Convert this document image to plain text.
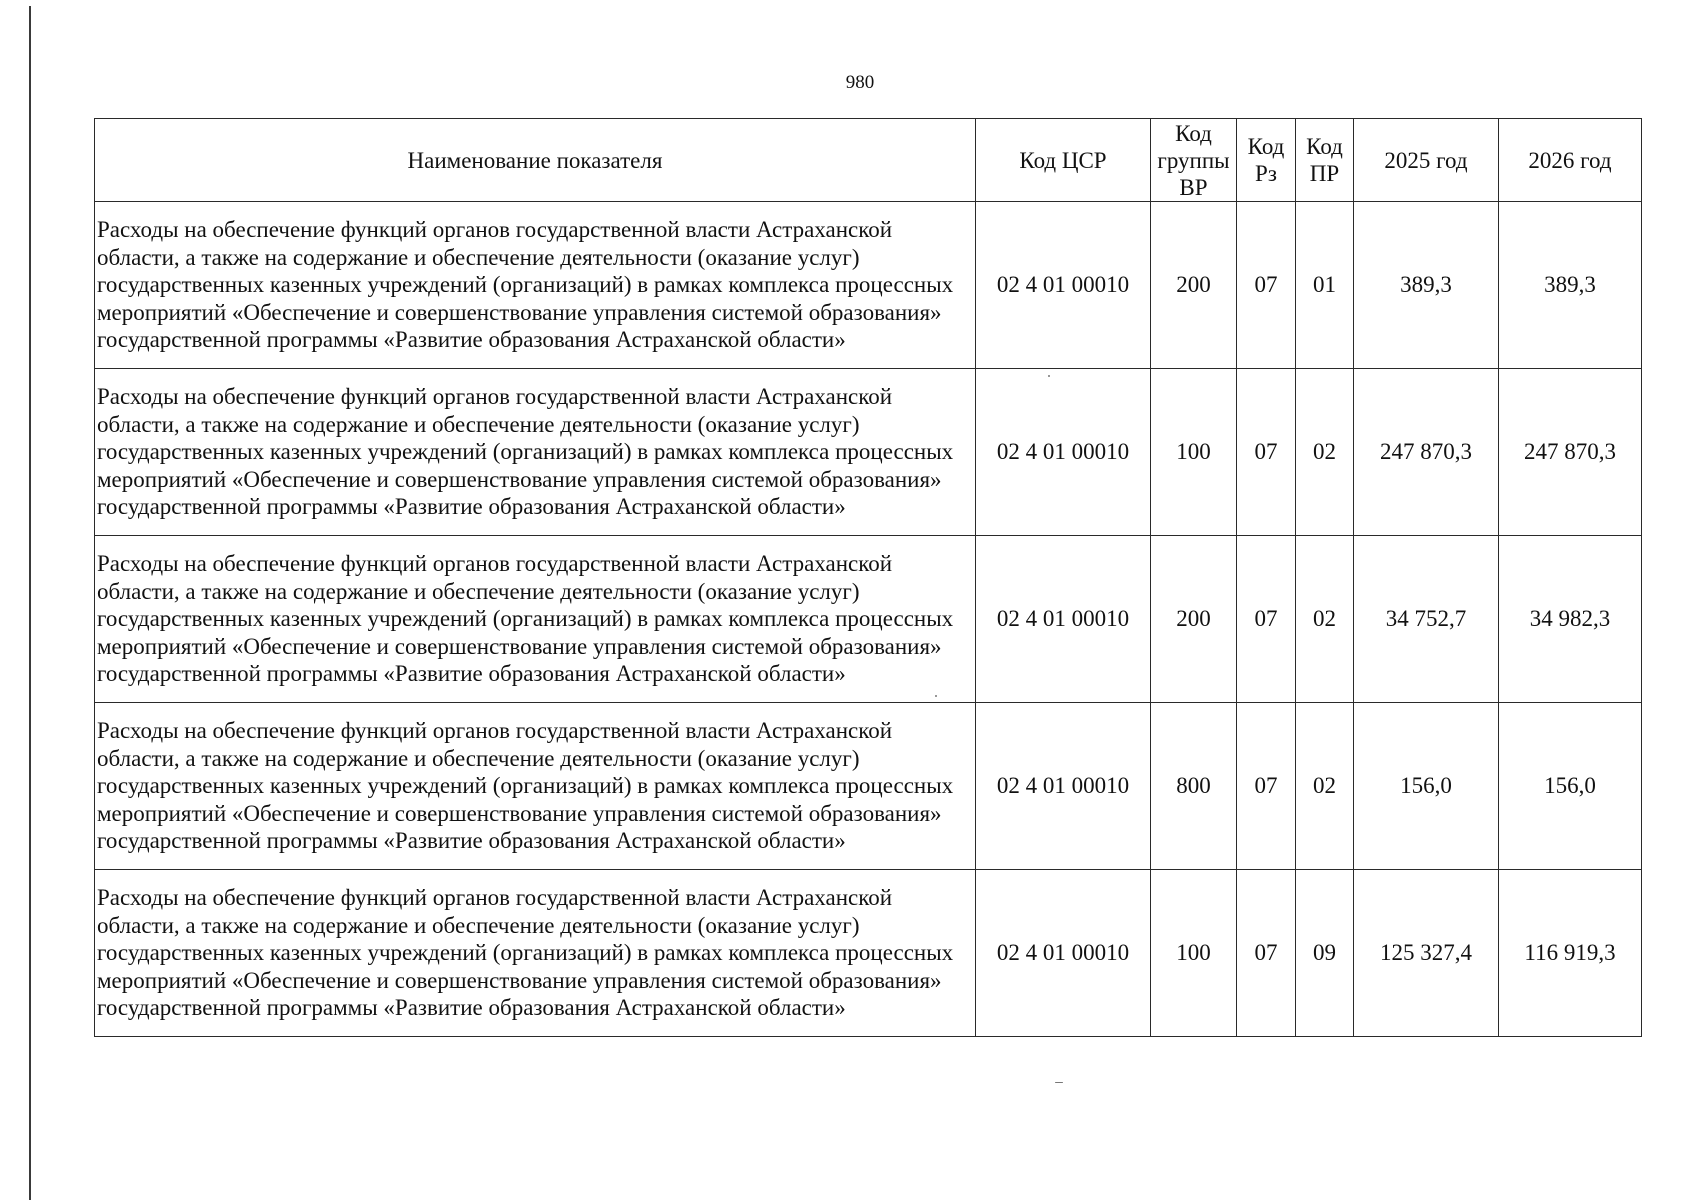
980
Наименование показателя	Код ЦСР	Код группы ВР	Код Рз	Код ПР	2025 год	2026 год
Расходы на обеспечение функций органов государственной власти Астраханской области, а также на содержание и обеспечение деятельности (оказание услуг) государственных казенных учреждений (организаций) в рамках комплекса процессных мероприятий «Обеспечение и совершенствование управления системой образования» государственной программы «Развитие образования Астраханской области»	02 4 01 00010	200	07	01	389,3	389,3
Расходы на обеспечение функций органов государственной власти Астраханской области, а также на содержание и обеспечение деятельности (оказание услуг) государственных казенных учреждений (организаций) в рамках комплекса процессных мероприятий «Обеспечение и совершенствование управления системой образования» государственной программы «Развитие образования Астраханской области»	02 4 01 00010	100	07	02	247 870,3	247 870,3
Расходы на обеспечение функций органов государственной власти Астраханской области, а также на содержание и обеспечение деятельности (оказание услуг) государственных казенных учреждений (организаций) в рамках комплекса процессных мероприятий «Обеспечение и совершенствование управления системой образования» государственной программы «Развитие образования Астраханской области»	02 4 01 00010	200	07	02	34 752,7	34 982,3
Расходы на обеспечение функций органов государственной власти Астраханской области, а также на содержание и обеспечение деятельности (оказание услуг) государственных казенных учреждений (организаций) в рамках комплекса процессных мероприятий «Обеспечение и совершенствование управления системой образования» государственной программы «Развитие образования Астраханской области»	02 4 01 00010	800	07	02	156,0	156,0
Расходы на обеспечение функций органов государственной власти Астраханской области, а также на содержание и обеспечение деятельности (оказание услуг) государственных казенных учреждений (организаций) в рамках комплекса процессных мероприятий «Обеспечение и совершенствование управления системой образования» государственной программы «Развитие образования Астраханской области»	02 4 01 00010	100	07	09	125 327,4	116 919,3
